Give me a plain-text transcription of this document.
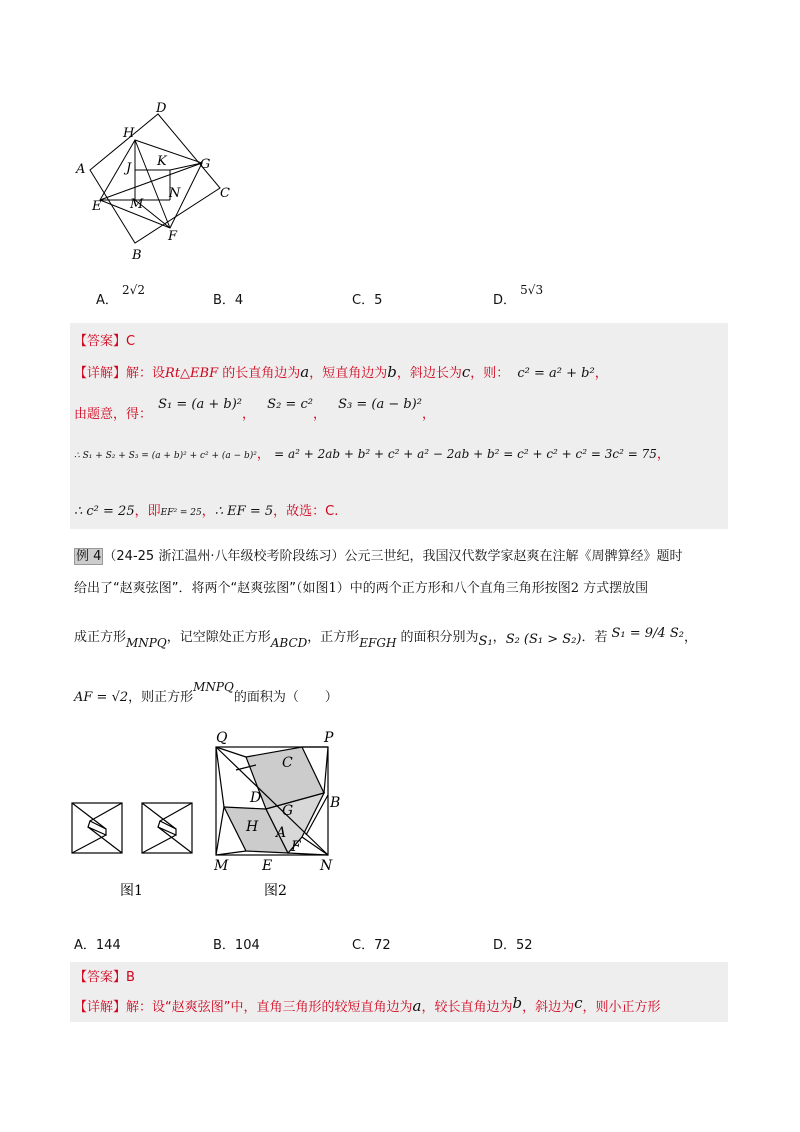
D
H
A	G
J K
C
N
E M
F
B
A． 2√2
B．4	C．5	D． 5√3
【答案】C
【详解】解：设Rt△EBF 的长直角边为a，短直角边为b，斜边长为c，则： c² = a² + b²，
由题意，得： S₁ = (a + b)²， S₂ = c²， S₃ = (a − b)²，
∴ S₁ + S₂ + S₃ = (a + b)² + c² + (a − b)²， = a² + 2ab + b² + c² + a² − 2ab + b² = c² + c² + c² = 3c² = 75，
∴ c² = 25，即EF² = 25，∴ EF = 5，故选：C.
例 4 （24-25 浙江温州·八年级校考阶段练习）公元三世纪，我国汉代数学家赵爽在注解《周髀算经》题时
给出了“赵爽弦图”．将两个“赵爽弦图”（如图1）中的两个正方形和八个直角三角形按图2 方式摆放围
成正方形MNPQ，记空隙处正方形ABCD，正方形EFGH 的面积分别为S₁，S₂ (S₁ > S₂)．若 S₁ = 9/4 S₂，
AF = √2，则正方形MNPQ的面积为（　　）
Q	P
C
D
G	B
H A
F
M E	N
图1	图2
A．144	B．104	C．72	D．52
【答案】B
【详解】解：设“赵爽弦图”中，直角三角形的较短直角边为a，较长直角边为b，斜边为c，则小正方形
